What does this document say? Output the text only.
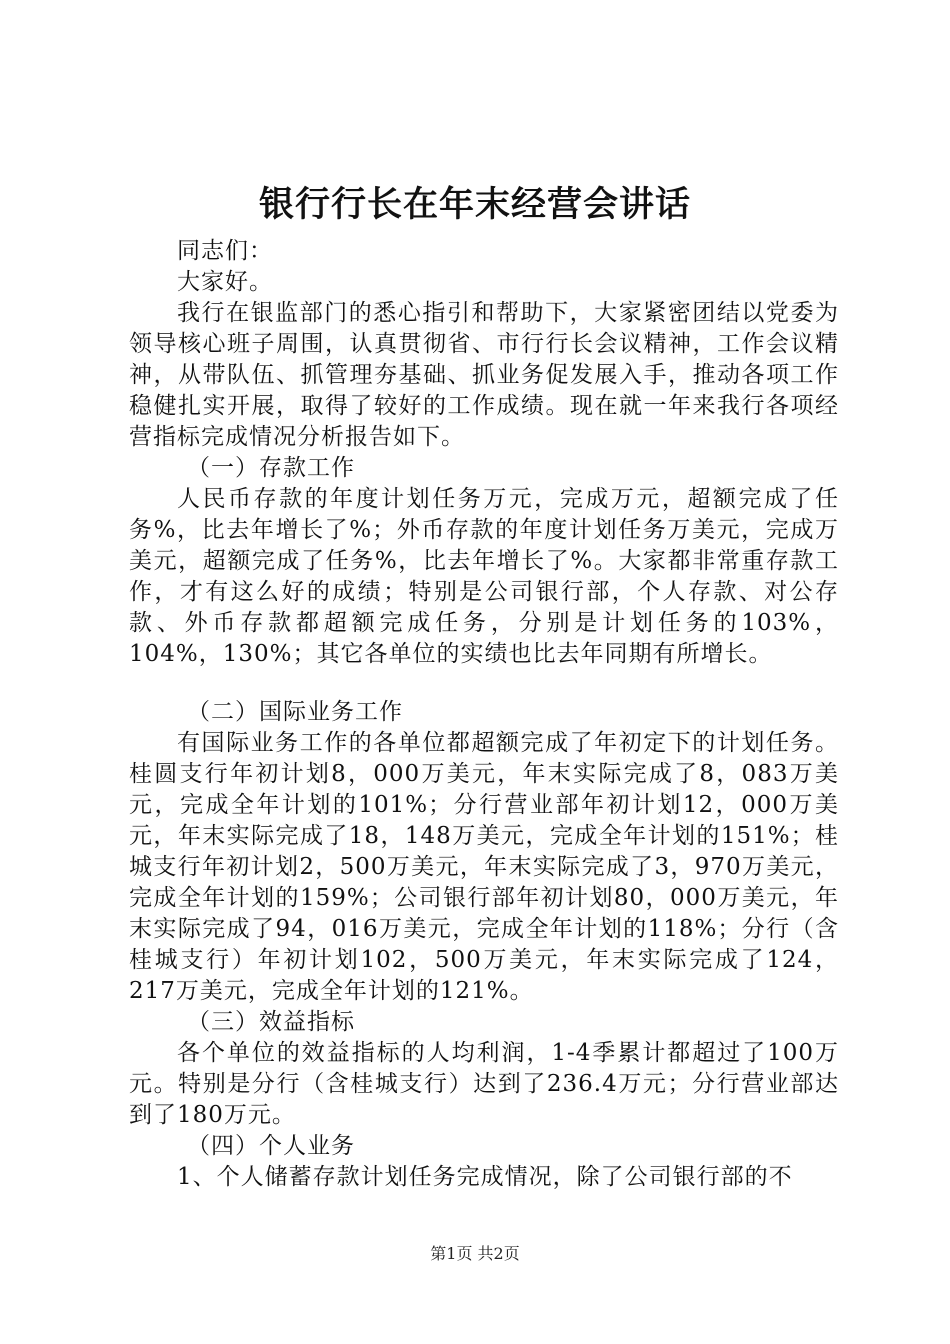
银行行长在年末经营会讲话

同志们：

大家好。

我行在银监部门的悉心指引和帮助下，大家紧密团结以党委为领导核心班子周围，认真贯彻省、市行行长会议精神，工作会议精神，从带队伍、抓管理夯基础、抓业务促发展入手，推动各项工作稳健扎实开展，取得了较好的工作成绩。现在就一年来我行各项经营指标完成情况分析报告如下。

（一）存款工作

人民币存款的年度计划任务万元，完成万元，超额完成了任务%，比去年增长了%；外币存款的年度计划任务万美元，完成万美元，超额完成了任务%，比去年增长了%。大家都非常重存款工作，才有这么好的成绩；特别是公司银行部，个人存款、对公存款、外币存款都超额完成任务，分别是计划任务的103%，104%，130%；其它各单位的实绩也比去年同期有所增长。

（二）国际业务工作

有国际业务工作的各单位都超额完成了年初定下的计划任务。桂圆支行年初计划8，000万美元，年末实际完成了8，083万美元，完成全年计划的101%；分行营业部年初计划12，000万美元，年末实际完成了18，148万美元，完成全年计划的151%；桂城支行年初计划2，500万美元，年末实际完成了3，970万美元，完成全年计划的159%；公司银行部年初计划80，000万美元，年末实际完成了94，016万美元，完成全年计划的118%；分行（含桂城支行）年初计划102，500万美元，年末实际完成了124，217万美元，完成全年计划的121%。

（三）效益指标

各个单位的效益指标的人均利润，1-4季累计都超过了100万元。特别是分行（含桂城支行）达到了236.4万元；分行营业部达到了180万元。

（四）个人业务

1、个人储蓄存款计划任务完成情况，除了公司银行部的不

第1页 共2页
